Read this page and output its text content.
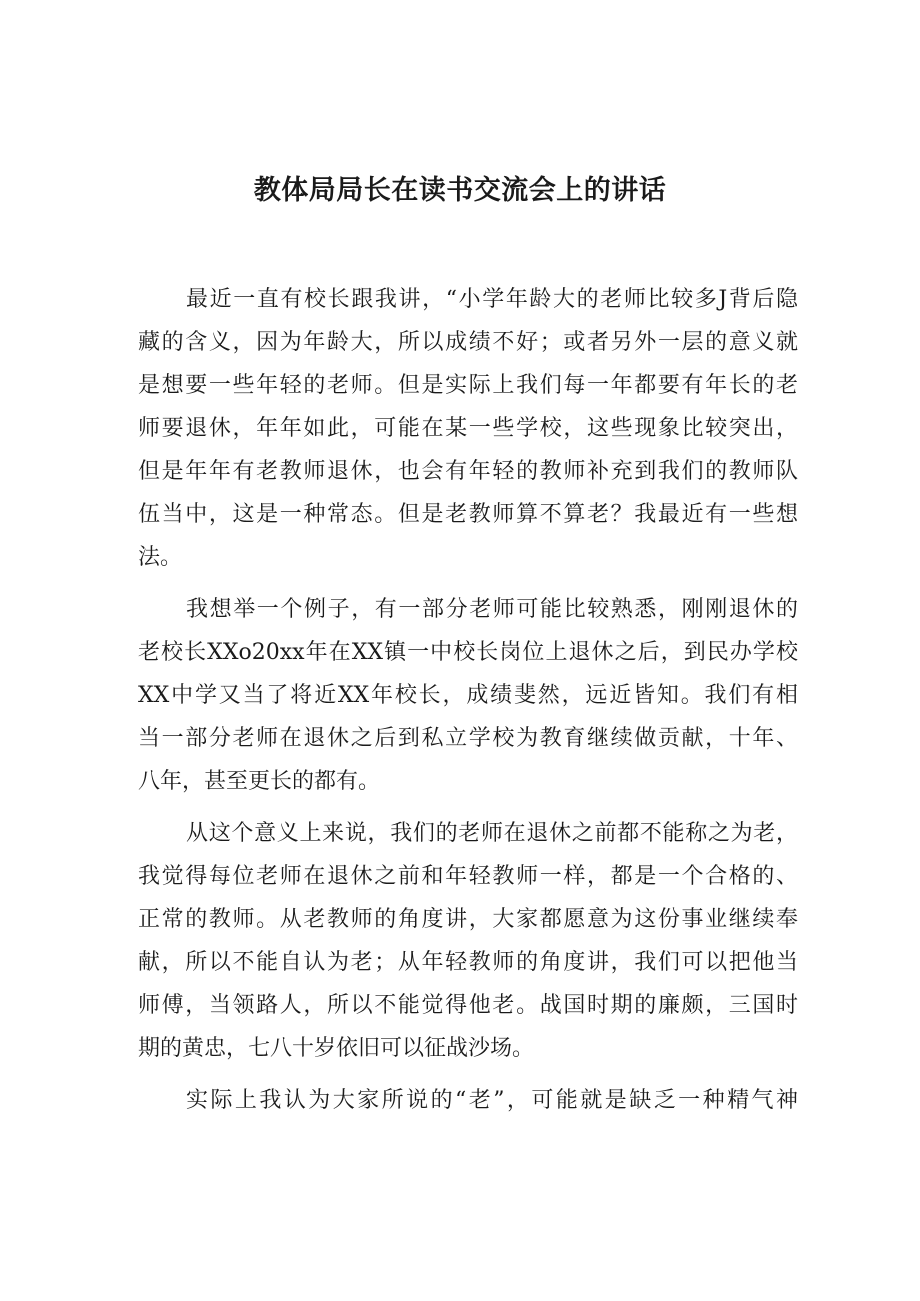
教体局局长在读书交流会上的讲话

最近一直有校长跟我讲，“小学年龄大的老师比较多J背后隐
藏的含义，因为年龄大，所以成绩不好；或者另外一层的意义就
是想要一些年轻的老师。但是实际上我们每一年都要有年长的老
师要退休，年年如此，可能在某一些学校，这些现象比较突出，
但是年年有老教师退休，也会有年轻的教师补充到我们的教师队
伍当中，这是一种常态。但是老教师算不算老？我最近有一些想
法。

我想举一个例子，有一部分老师可能比较熟悉，刚刚退休的
老校长XXo20xx年在XX镇一中校长岗位上退休之后，到民办学校
XX中学又当了将近XX年校长，成绩斐然，远近皆知。我们有相
当一部分老师在退休之后到私立学校为教育继续做贡献，十年、
八年，甚至更长的都有。

从这个意义上来说，我们的老师在退休之前都不能称之为老，
我觉得每位老师在退休之前和年轻教师一样，都是一个合格的、
正常的教师。从老教师的角度讲，大家都愿意为这份事业继续奉
献，所以不能自认为老；从年轻教师的角度讲，我们可以把他当
师傅，当领路人，所以不能觉得他老。战国时期的廉颇，三国时
期的黄忠，七八十岁依旧可以征战沙场。

实际上我认为大家所说的“老”，可能就是缺乏一种精气神
